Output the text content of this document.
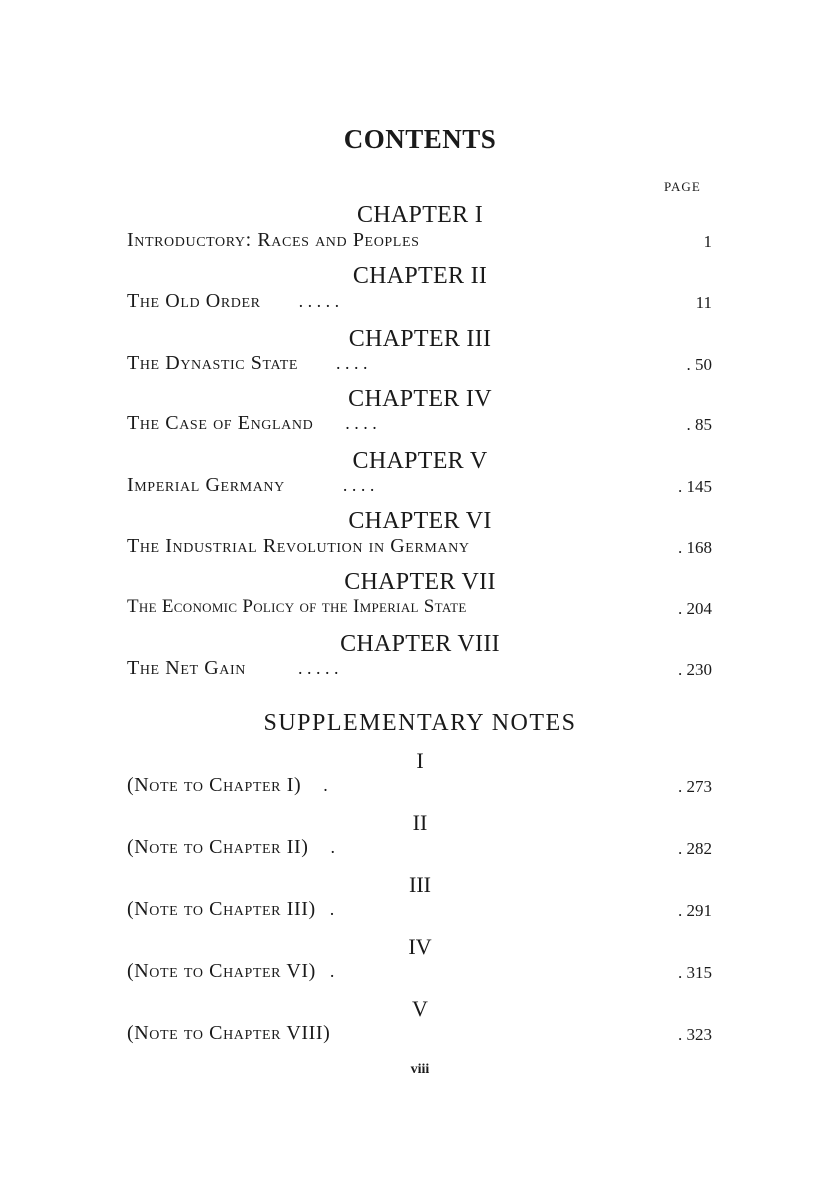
CONTENTS
PAGE
CHAPTER I
Introductory: Races and Peoples	1
CHAPTER II
The Old Order . . . . .	11
CHAPTER III
The Dynastic State . . . .	. 50
CHAPTER IV
The Case of England . . . .	. 85
CHAPTER V
Imperial Germany	. . . .	. 145
CHAPTER VI
The Industrial Revolution in Germany	. 168
CHAPTER VII
The Economic Policy of the Imperial State	. 204
CHAPTER VIII
The Net Gain	. . . . .	. 230
SUPPLEMENTARY NOTES
I
(Note to Chapter I) .	. 273
II
(Note to Chapter II) .	. 282
III
(Note to Chapter III) .	. 291
IV
(Note to Chapter VI) .	. 315
V
(Note to Chapter VIII)	. 323
viii
